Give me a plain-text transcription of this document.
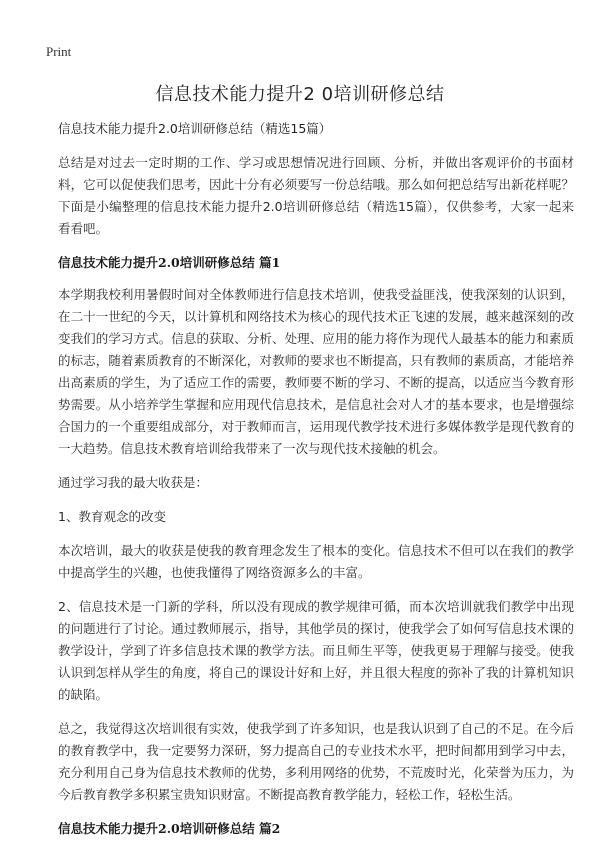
Print
信息技术能力提升2 0培训研修总结

信息技术能力提升2.0培训研修总结（精选15篇）

总结是对过去一定时期的工作、学习或思想情况进行回顾、分析，并做出客观评价的书面材料，它可以促使我们思考，因此十分有必须要写一份总结哦。那么如何把总结写出新花样呢？下面是小编整理的信息技术能力提升2.0培训研修总结（精选15篇），仅供参考，大家一起来看看吧。

信息技术能力提升2.0培训研修总结 篇1

本学期我校利用暑假时间对全体教师进行信息技术培训，使我受益匪浅，使我深刻的认识到，在二十一世纪的今天，以计算机和网络技术为核心的现代技术正飞速的发展，越来越深刻的改变我们的学习方式。信息的获取、分析、处理、应用的能力将作为现代人最基本的能力和素质的标志，随着素质教育的不断深化，对教师的要求也不断提高，只有教师的素质高，才能培养出高素质的学生，为了适应工作的需要，教师要不断的学习、不断的提高，以适应当今教育形势需要。从小培养学生掌握和应用现代信息技术，是信息社会对人才的基本要求，也是增强综合国力的一个重要组成部分，对于教师而言，运用现代教学技术进行多媒体教学是现代教育的一大趋势。信息技术教育培训给我带来了一次与现代技术接触的机会。

通过学习我的最大收获是：

1、教育观念的改变

本次培训，最大的收获是使我的教育理念发生了根本的变化。信息技术不但可以在我们的教学中提高学生的兴趣，也使我懂得了网络资源多么的丰富。

2、信息技术是一门新的学科，所以没有现成的教学规律可循，而本次培训就我们教学中出现的问题进行了讨论。通过教师展示，指导，其他学员的探讨，使我学会了如何写信息技术课的教学设计，学到了许多信息技术课的教学方法。而且师生平等，使我更易于理解与接受。使我认识到怎样从学生的角度，将自己的课设计好和上好，并且很大程度的弥补了我的计算机知识的缺陷。

总之，我觉得这次培训很有实效，使我学到了许多知识，也是我认识到了自己的不足。在今后的教育教学中，我一定要努力深研，努力提高自己的专业技术水平，把时间都用到学习中去，充分利用自己身为信息技术教师的优势，多利用网络的优势，不荒废时光，化荣誉为压力，为今后教育教学多积累宝贵知识财富。不断提高教育教学能力，轻松工作，轻松生活。

信息技术能力提升2.0培训研修总结 篇2
